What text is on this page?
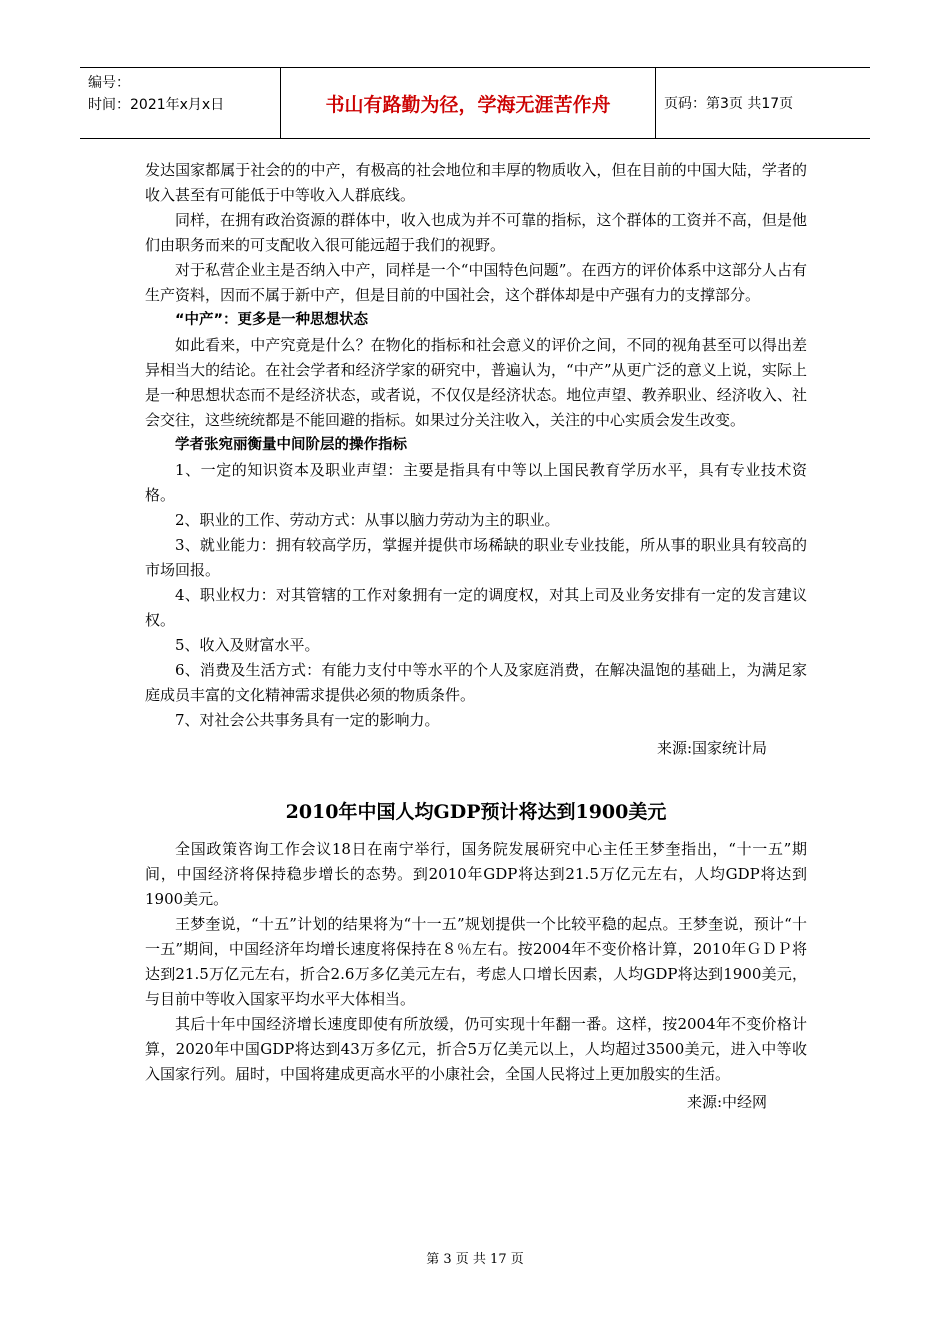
编号：
时间：2021年x月x日	书山有路勤为径，学海无涯苦作舟	页码：第3页 共17页

发达国家都属于社会的的中产，有极高的社会地位和丰厚的物质收入，但在目前的中国大陆，学者的收入甚至有可能低于中等收入人群底线。

同样，在拥有政治资源的群体中，收入也成为并不可靠的指标，这个群体的工资并不高，但是他们由职务而来的可支配收入很可能远超于我们的视野。

对于私营企业主是否纳入中产，同样是一个“中国特色问题”。在西方的评价体系中这部分人占有生产资料，因而不属于新中产，但是目前的中国社会，这个群体却是中产强有力的支撑部分。

“中产”：更多是一种思想状态

如此看来，中产究竟是什么？在物化的指标和社会意义的评价之间，不同的视角甚至可以得出差异相当大的结论。在社会学者和经济学家的研究中，普遍认为，“中产”从更广泛的意义上说，实际上是一种思想状态而不是经济状态，或者说，不仅仅是经济状态。地位声望、教养职业、经济收入、社会交往，这些统统都是不能回避的指标。如果过分关注收入，关注的中心实质会发生改变。

学者张宛丽衡量中间阶层的操作指标

1、一定的知识资本及职业声望：主要是指具有中等以上国民教育学历水平，具有专业技术资格。

2、职业的工作、劳动方式：从事以脑力劳动为主的职业。

3、就业能力：拥有较高学历，掌握并提供市场稀缺的职业专业技能，所从事的职业具有较高的市场回报。

4、职业权力：对其管辖的工作对象拥有一定的调度权，对其上司及业务安排有一定的发言建议权。

5、收入及财富水平。

6、消费及生活方式：有能力支付中等水平的个人及家庭消费，在解决温饱的基础上，为满足家庭成员丰富的文化精神需求提供必须的物质条件。

7、对社会公共事务具有一定的影响力。

来源:国家统计局

2010年中国人均GDP预计将达到1900美元

全国政策咨询工作会议18日在南宁举行，国务院发展研究中心主任王梦奎指出，“十一五”期间，中国经济将保持稳步增长的态势。到2010年GDP将达到21.5万亿元左右，人均GDP将达到1900美元。

王梦奎说，“十五”计划的结果将为“十一五”规划提供一个比较平稳的起点。王梦奎说，预计“十一五”期间，中国经济年均增长速度将保持在８％左右。按2004年不变价格计算，2010年ＧＤＰ将达到21.5万亿元左右，折合2.6万多亿美元左右，考虑人口增长因素，人均GDP将达到1900美元，与目前中等收入国家平均水平大体相当。

其后十年中国经济增长速度即使有所放缓，仍可实现十年翻一番。这样，按2004年不变价格计算，2020年中国GDP将达到43万多亿元，折合5万亿美元以上，人均超过3500美元，进入中等收入国家行列。届时，中国将建成更高水平的小康社会，全国人民将过上更加殷实的生活。

来源:中经网

第 3 页 共 17 页
